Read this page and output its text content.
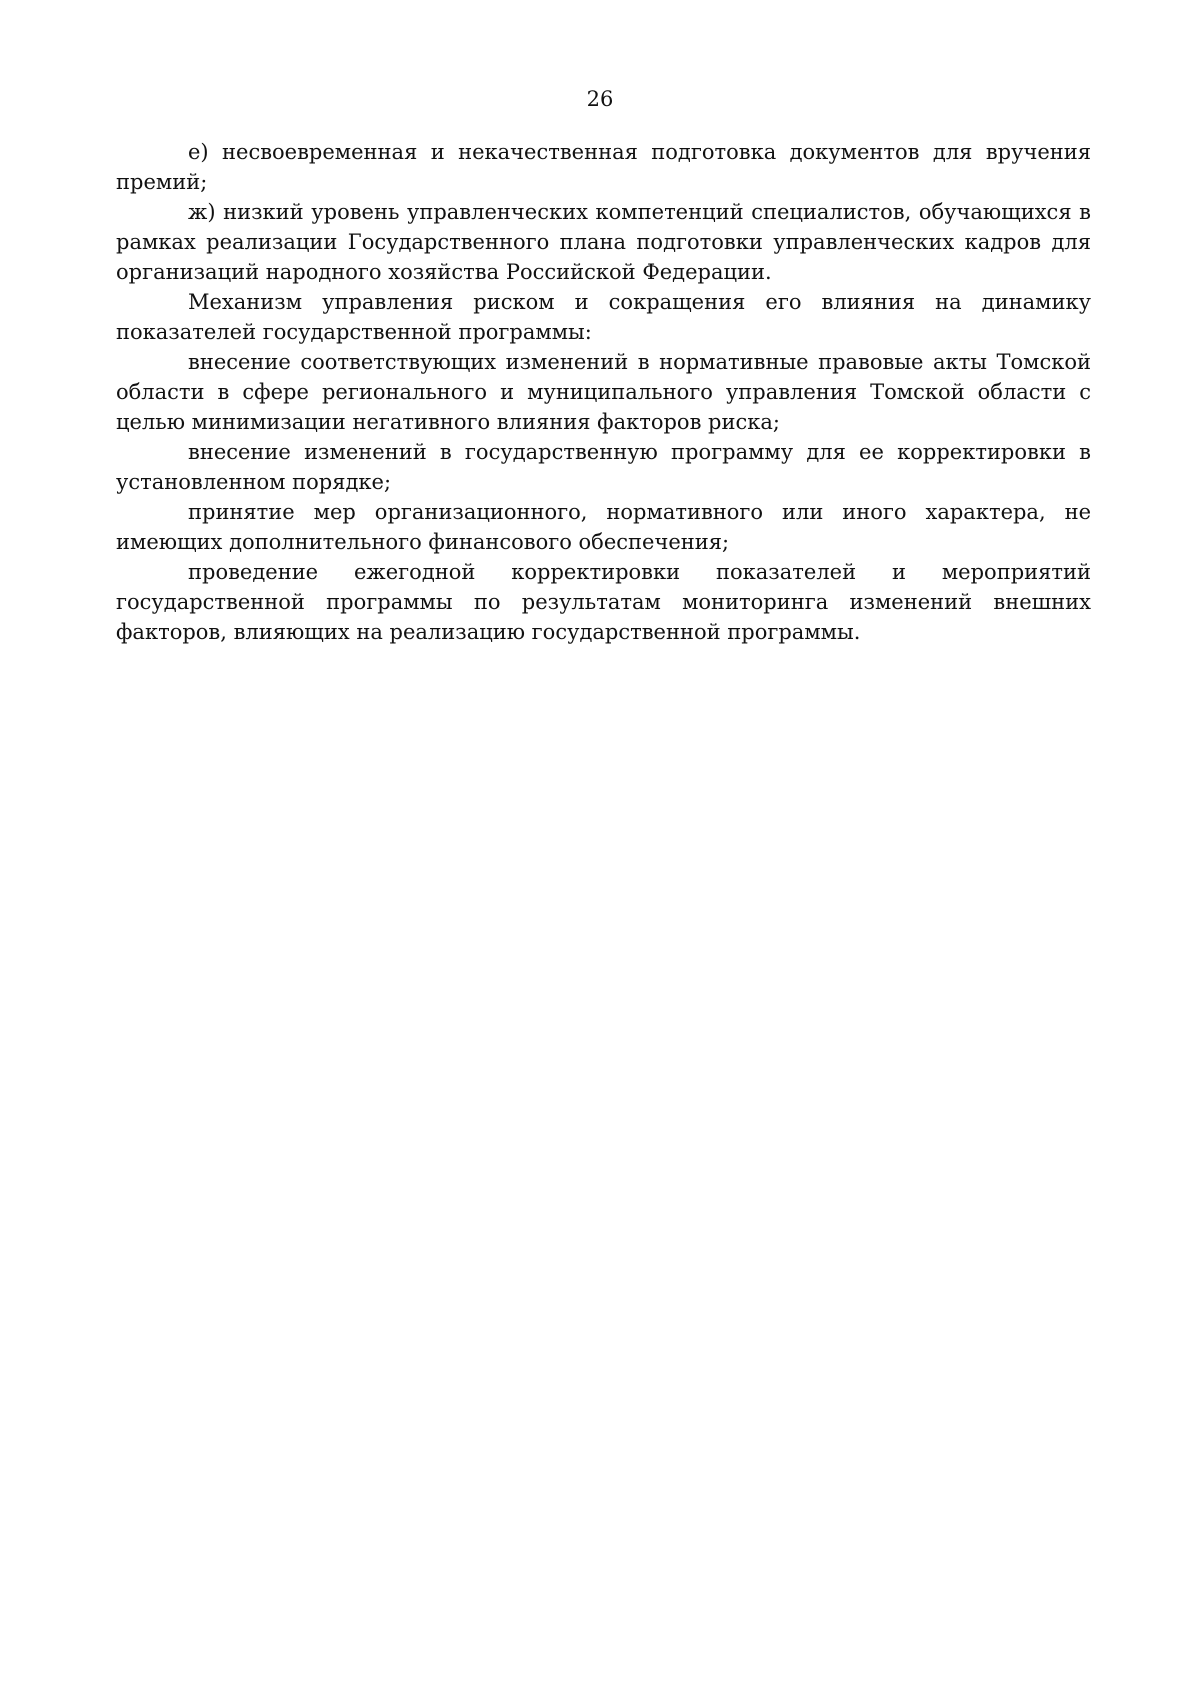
26

е) несвоевременная и некачественная подготовка документов для вручения премий;

ж) низкий уровень управленческих компетенций специалистов, обучающихся в рамках реализации Государственного плана подготовки управленческих кадров для организаций народного хозяйства Российской Федерации.

Механизм управления риском и сокращения его влияния на динамику показателей государственной программы:

внесение соответствующих изменений в нормативные правовые акты Томской области в сфере регионального и муниципального управления Томской области с целью минимизации негативного влияния факторов риска;

внесение изменений в государственную программу для ее корректировки в установленном порядке;

принятие мер организационного, нормативного или иного характера, не имеющих дополнительного финансового обеспечения;

проведение ежегодной корректировки показателей и мероприятий государственной программы по результатам мониторинга изменений внешних факторов, влияющих на реализацию государственной программы.
